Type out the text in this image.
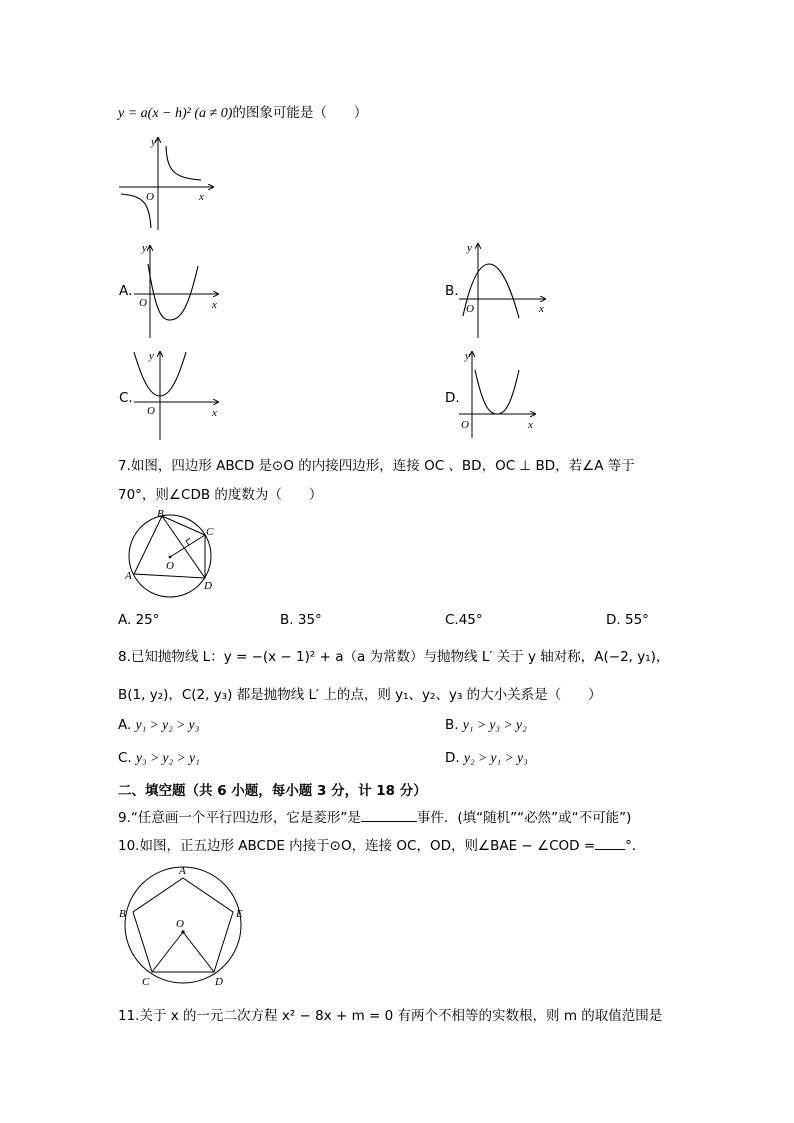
y = a(x − h)² (a ≠ 0)的图象可能是（　　）
y
O	x
A.
y
O	x
B.
y
O	x
C.
y
O	x
D.
y
O	x
7.如图，四边形 ABCD 是⊙O 的内接四边形，连接 OC 、BD，OC ⊥ BD，若∠A 等于
70°，则∠CDB 的度数为（　　）
B
C
A
D
O
A. 25°	B. 35°	C.45°	D. 55°
8.已知抛物线 L：y = −(x − 1)² + a（a 为常数）与抛物线 L′ 关于 y 轴对称，A(−2, y₁)，
B(1, y₂)，C(2, y₃) 都是抛物线 L′ 上的点，则 y₁、y₂、y₃ 的大小关系是（　　）
A. y₁ > y₂ > y₃	B. y₁ > y₃ > y₂
C. y₃ > y₂ > y₁	D. y₂ > y₁ > y₃
二、填空题（共 6 小题，每小题 3 分，计 18 分）
9.“任意画一个平行四边形，它是菱形”是	事件．(填“随机”“必然”或“不可能”)
10.如图，正五边形 ABCDE 内接于⊙O，连接 OC，OD，则∠BAE − ∠COD = °．
A
B	E
C	D
O
11.关于 x 的一元二次方程 x² − 8x + m = 0 有两个不相等的实数根，则 m 的取值范围是
